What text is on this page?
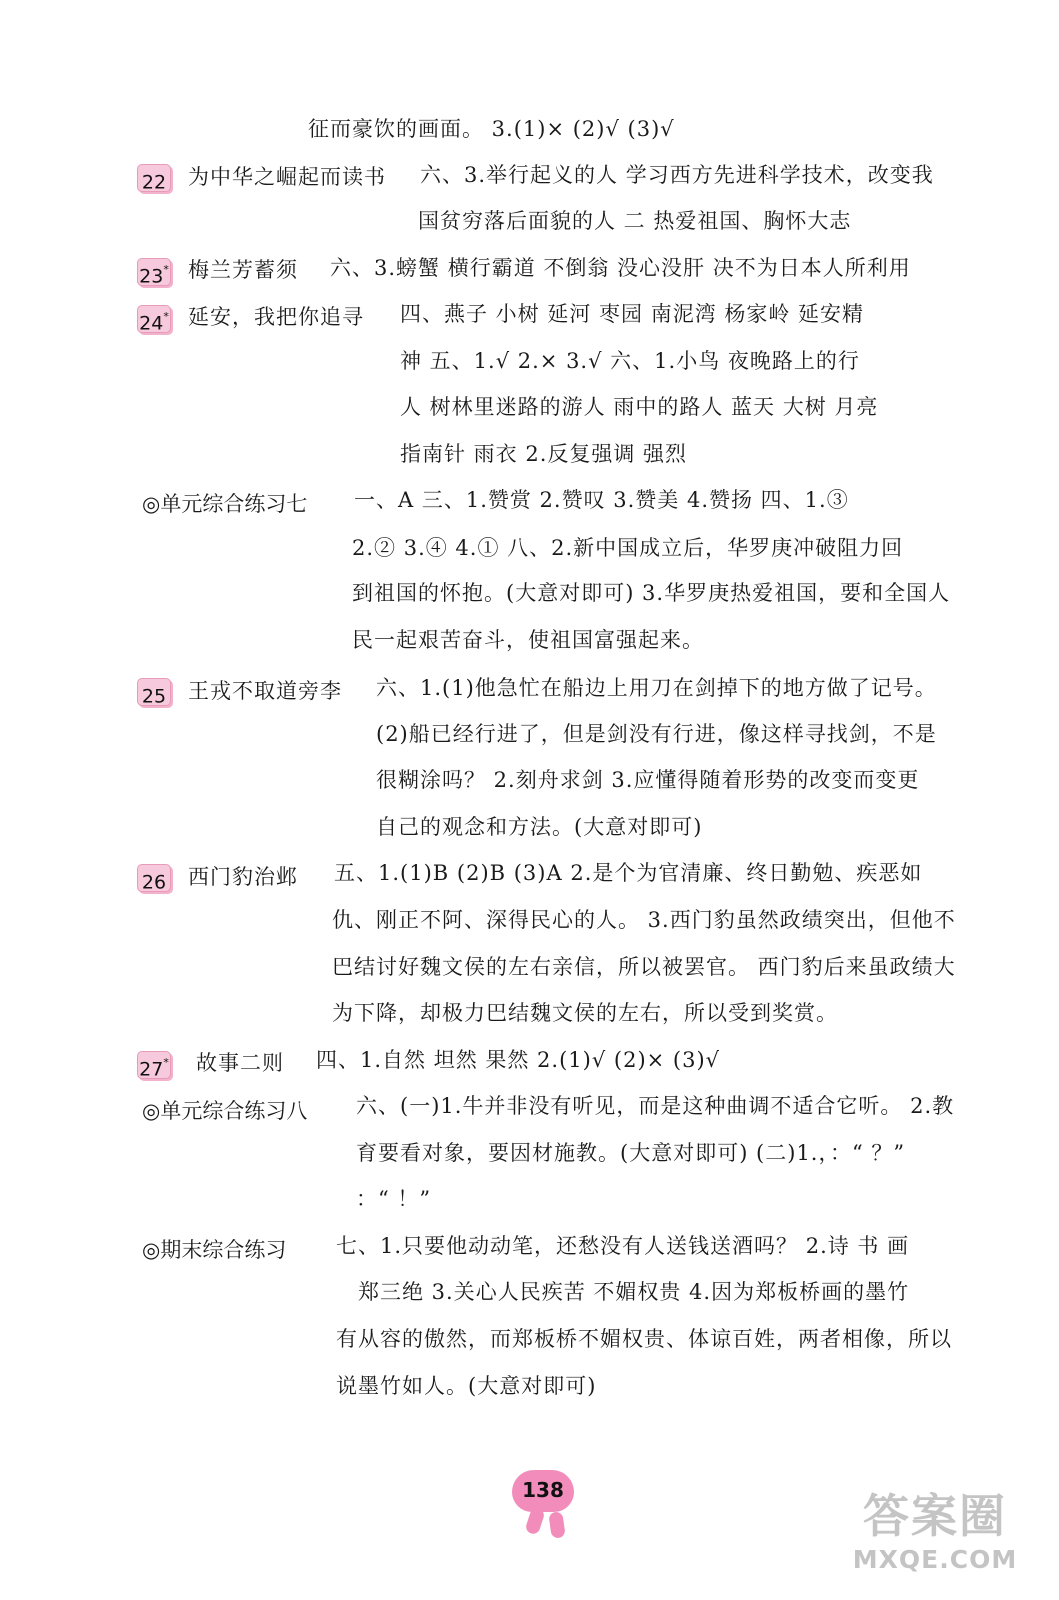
征而豪饮的画面。 3.(1)× (2)√ (3)√
22 为中华之崛起而读书 六、3.举行起义的人 学习西方先进科学技术，改变我
国贫穷落后面貌的人 二 热爱祖国、胸怀大志
23* 梅兰芳蓄须 六、3.螃蟹 横行霸道 不倒翁 没心没肝 决不为日本人所利用
24* 延安，我把你追寻 四、燕子 小树 延河 枣园 南泥湾 杨家岭 延安精
神 五、1.√ 2.× 3.√ 六、1.小鸟 夜晚路上的行
人 树林里迷路的游人 雨中的路人 蓝天 大树 月亮
指南针 雨衣 2.反复强调 强烈
◎单元综合练习七 一、A 三、1.赞赏 2.赞叹 3.赞美 4.赞扬 四、1.③
2.② 3.④ 4.① 八、2.新中国成立后，华罗庚冲破阻力回
到祖国的怀抱。(大意对即可) 3.华罗庚热爱祖国，要和全国人
民一起艰苦奋斗，使祖国富强起来。
25 王戎不取道旁李 六、1.(1)他急忙在船边上用刀在剑掉下的地方做了记号。
(2)船已经行进了，但是剑没有行进，像这样寻找剑，不是
很糊涂吗？ 2.刻舟求剑 3.应懂得随着形势的改变而变更
自己的观念和方法。(大意对即可)
26 西门豹治邺 五、1.(1)B (2)B (3)A 2.是个为官清廉、终日勤勉、疾恶如
仇、刚正不阿、深得民心的人。 3.西门豹虽然政绩突出，但他不
巴结讨好魏文侯的左右亲信，所以被罢官。 西门豹后来虽政绩大
为下降，却极力巴结魏文侯的左右，所以受到奖赏。
27* 故事二则 四、1.自然 坦然 果然 2.(1)√ (2)× (3)√
◎单元综合练习八 六、(一)1.牛并非没有听见，而是这种曲调不适合它听。 2.教
育要看对象，要因材施教。(大意对即可) (二)1.，：“ ？”
：“ ！”
◎期末综合练习 七、1.只要他动动笔，还愁没有人送钱送酒吗？ 2.诗 书 画
郑三绝 3.关心人民疾苦 不媚权贵 4.因为郑板桥画的墨竹
有从容的傲然，而郑板桥不媚权贵、体谅百姓，两者相像，所以
说墨竹如人。(大意对即可)
138	答案圈
MXQE.COM
